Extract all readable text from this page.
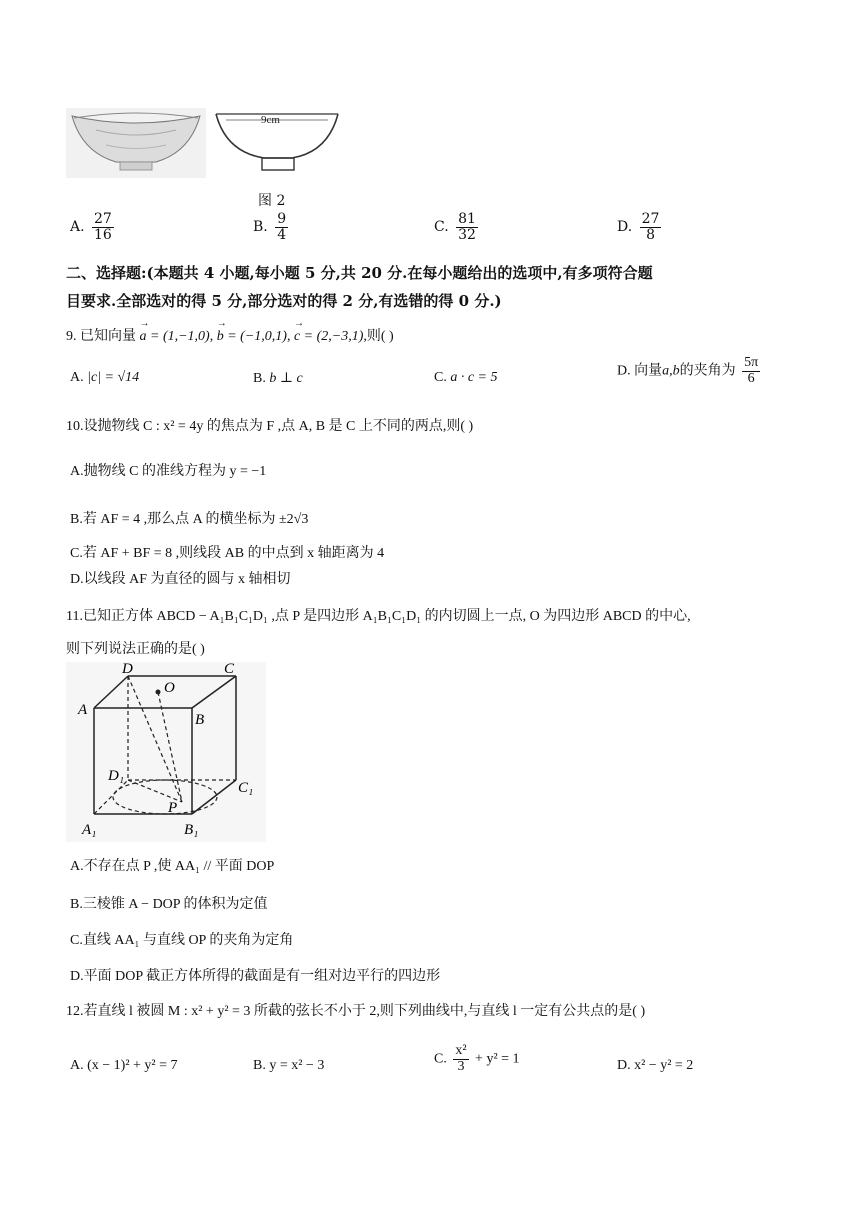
9cm
图 2
A. $\frac{27}{16}$	B. $\frac{9}{4}$	C. $\frac{81}{32}$	D. $\frac{27}{8}$
二、选择题:(本题共 4 小题,每小题 5 分,共 20 分.在每小题给出的选项中,有多项符合题
目要求.全部选对的得 5 分,部分选对的得 2 分,有选错的得 0 分.)
9. 已知向量 → a = (1,−1,0), → b = (−1,0,1), → c = (2,−3,1),则( )
A. |c| = √14	B. b ⊥ c	C. a · c = 5	D. 向量a,b的夹角为 $\frac{5\pi}{6}$
10.设抛物线 C : x² = 4y 的焦点为 F ,点 A, B 是 C 上不同的两点,则( )
A.抛物线 C 的准线方程为 y = −1
B.若 AF = 4 ,那么点 A 的横坐标为 ±2√3
C.若 AF + BF = 8 ,则线段 AB 的中点到 x 轴距离为 4
D.以线段 AF 为直径的圆与 x 轴相切
11.已知正方体 ABCD − A₁B₁C₁D₁ ,点 P 是四边形 A₁B₁C₁D₁ 的内切圆上一点, O 为四边形 ABCD 的中心,
则下列说法正确的是( )
D	C
O
A
B
D₁
C₁
P
A₁	B₁
A.不存在点 P ,使 AA₁ // 平面 DOP
B.三棱锥 A − DOP 的体积为定值
C.直线 AA₁ 与直线 OP 的夹角为定角
D.平面 DOP 截正方体所得的截面是有一组对边平行的四边形
12.若直线 l 被圆 M : x² + y² = 3 所截的弦长不小于 2,则下列曲线中,与直线 l 一定有公共点的是( )
A. (x − 1)² + y² = 7	B. y = x² − 3	C. $\frac{\text{x²}}{3} + y^2 = 1$	D. x² − y² = 2
